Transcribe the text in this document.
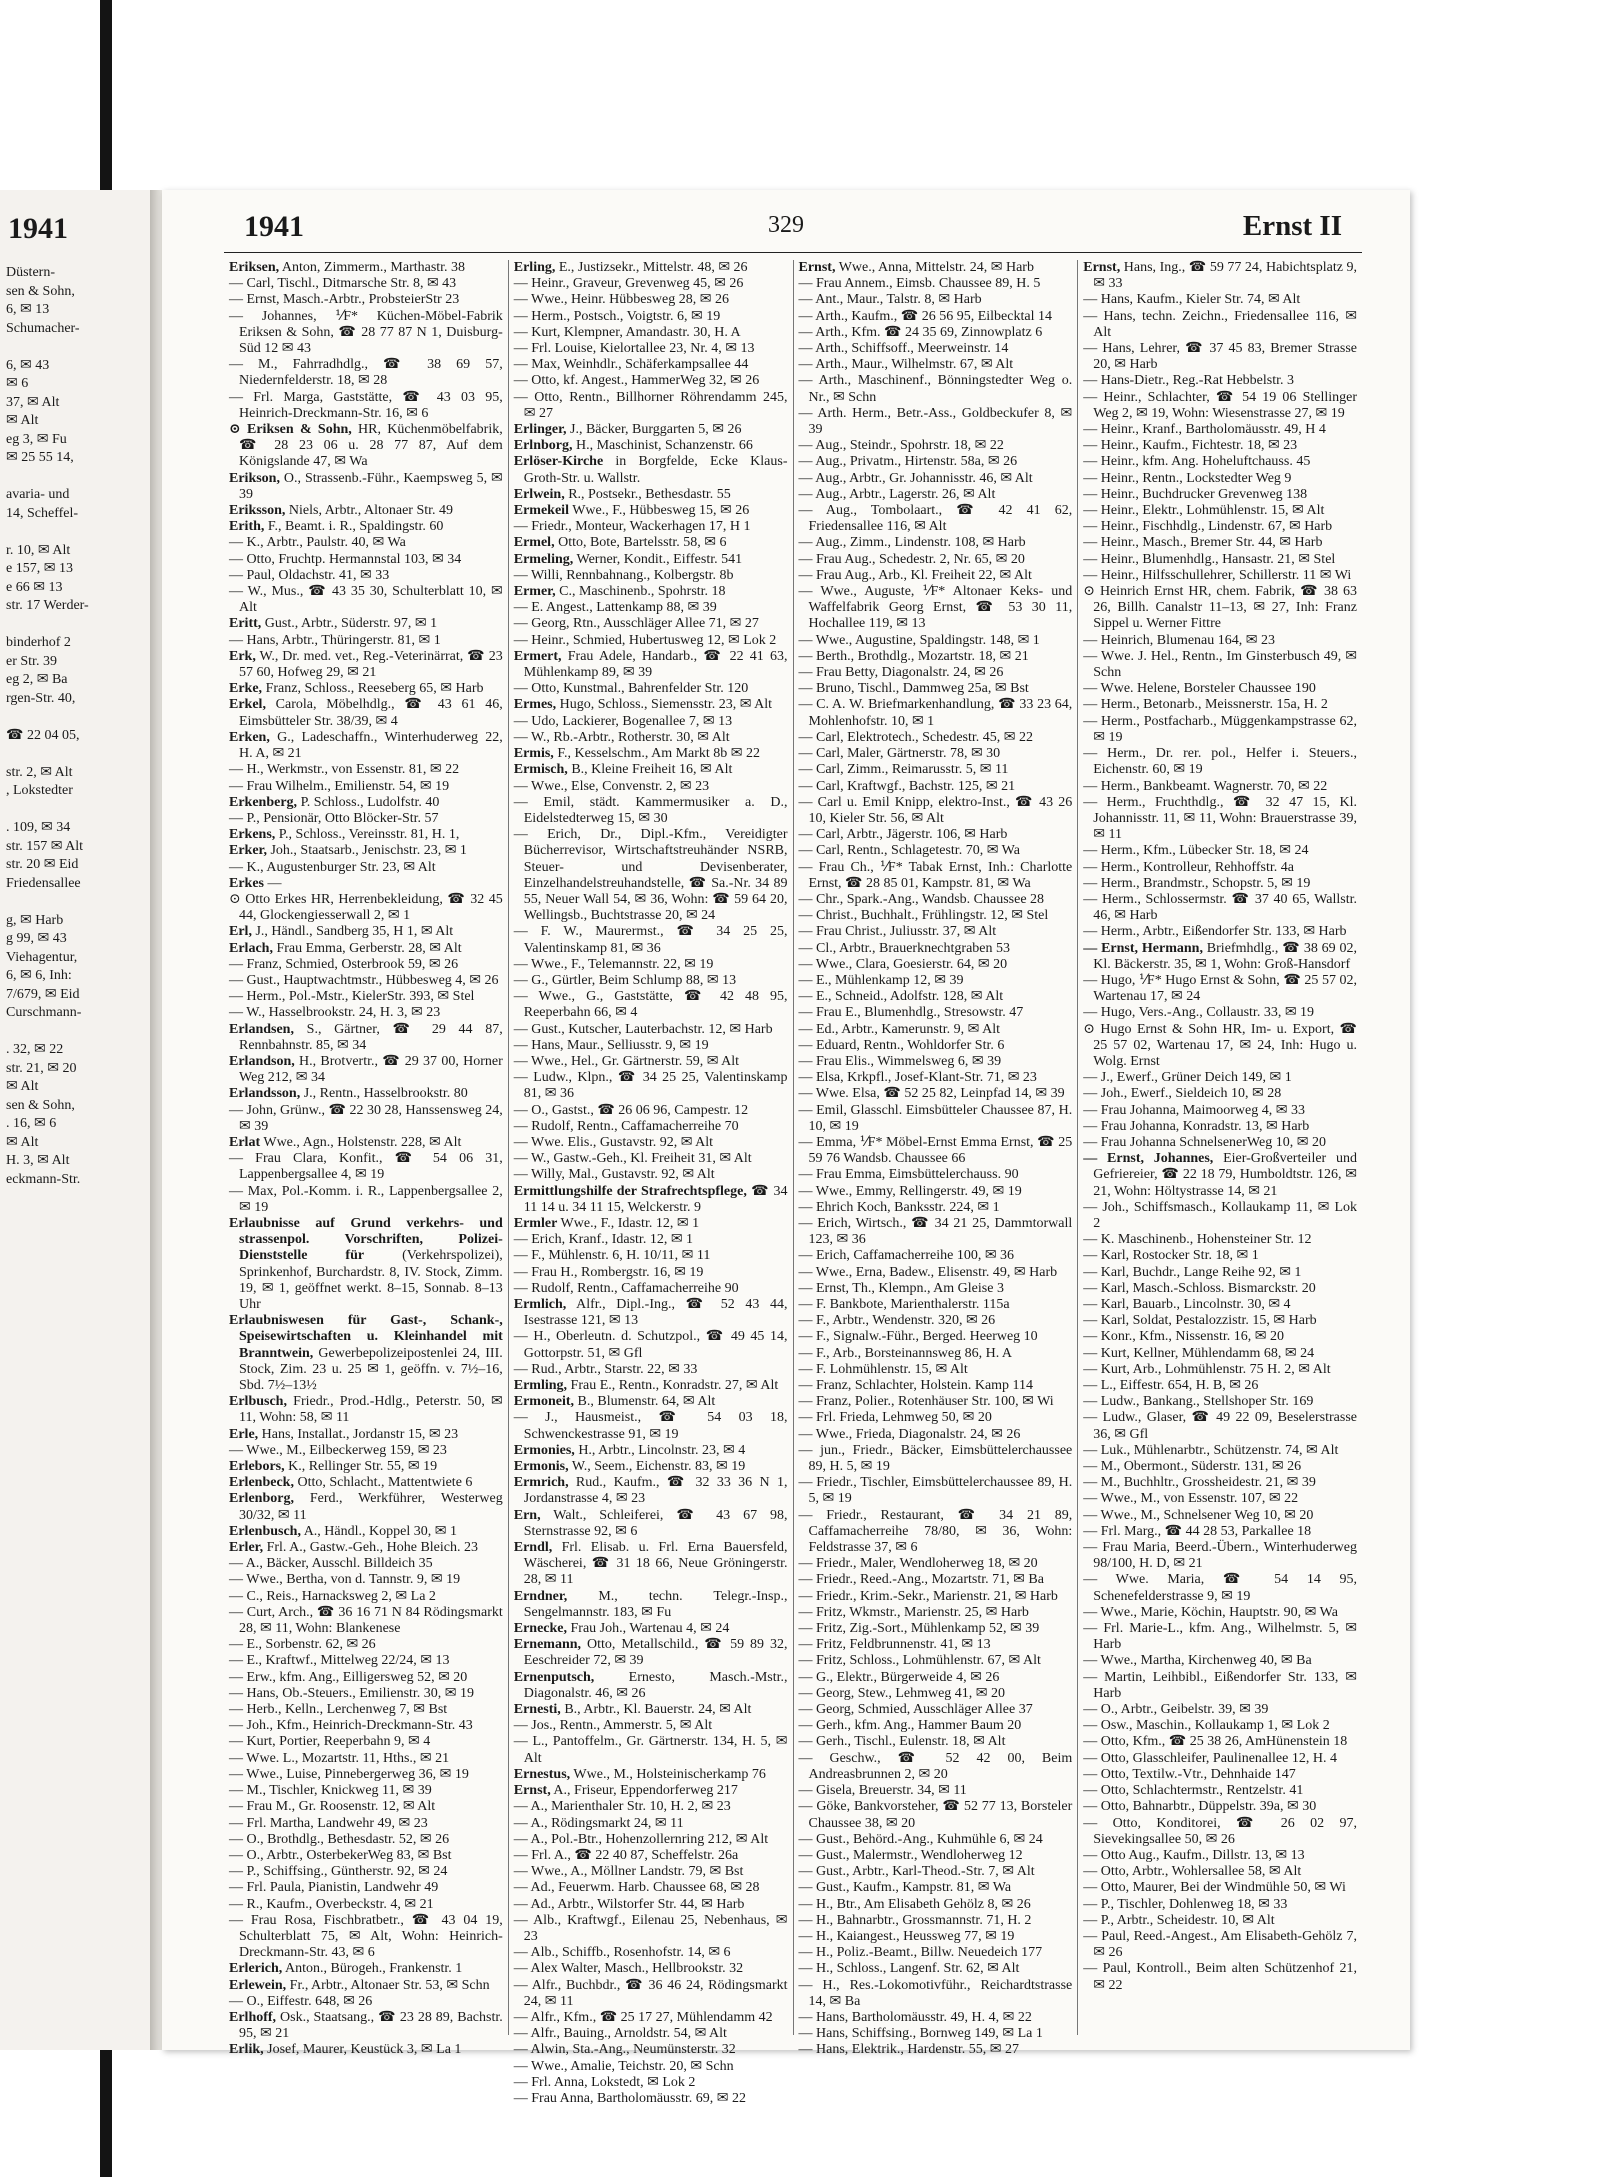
1941
Düstern-
sen & Sohn,
6, ✉ 13
Schumacher-

6, ✉ 43
✉ 6
37, ✉ Alt
✉ Alt
eg 3, ✉ Fu
✉ 25 55 14,

avaria- und
14, Scheffel-

r. 10, ✉ Alt
e 157, ✉ 13
e 66 ✉ 13
str. 17 Werder-

binderhof 2
er Str. 39
eg 2, ✉ Ba
rgen-Str. 40,

☎ 22 04 05,

str. 2, ✉ Alt
, Lokstedter

. 109, ✉ 34
str. 157 ✉ Alt
str. 20 ✉ Eid
Friedensallee

g, ✉ Harb
g 99, ✉ 43
Viehagentur,
6, ✉ 6, Inh:
7/679, ✉ Eid
Curschmann-

. 32, ✉ 22
str. 21, ✉ 20
✉ Alt
sen & Sohn,
. 16, ✉ 6
✉ Alt
H. 3, ✉ Alt
eckmann-Str.
1941	329	Ernst II

Eriksen, Anton, Zimmerm., Marthastr. 38

— Carl, Tischl., Ditmarsche Str. 8, ✉ 43

— Ernst, Masch.-Arbtr., ProbsteierStr 23

— Johannes, ⅟F* Küchen-Möbel-Fabrik Eriksen & Sohn, ☎ 28 77 87 N 1, Duisburg-Süd 12 ✉ 43

— M., Fahrradhdlg., ☎ 38 69 57, Niedernfelderstr. 18, ✉ 28

— Frl. Marga, Gaststätte, ☎ 43 03 95, Heinrich-Dreckmann-Str. 16, ✉ 6

⊙ Eriksen & Sohn, HR, Küchenmöbelfabrik, ☎ 28 23 06 u. 28 77 87, Auf dem Königslande 47, ✉ Wa

Erikson, O., Strassenb.-Führ., Kaempsweg 5, ✉ 39

Eriksson, Niels, Arbtr., Altonaer Str. 49

Erith, F., Beamt. i. R., Spaldingstr. 60

— K., Arbtr., Paulstr. 40, ✉ Wa

— Otto, Fruchtp. Hermannstal 103, ✉ 34

— Paul, Oldachstr. 41, ✉ 33

— W., Mus., ☎ 43 35 30, Schulterblatt 10, ✉ Alt

Eritt, Gust., Arbtr., Süderstr. 97, ✉ 1

— Hans, Arbtr., Thüringerstr. 81, ✉ 1

Erk, W., Dr. med. vet., Reg.-Veterinärrat, ☎ 23 57 60, Hofweg 29, ✉ 21

Erke, Franz, Schloss., Reeseberg 65, ✉ Harb

Erkel, Carola, Möbelhdlg., ☎ 43 61 46, Eimsbütteler Str. 38/39, ✉ 4

Erken, G., Ladeschaffn., Winterhuderweg 22, H. A, ✉ 21

— H., Werkmstr., von Essenstr. 81, ✉ 22

— Frau Wilhelm., Emilienstr. 54, ✉ 19

Erkenberg, P. Schloss., Ludolfstr. 40

— P., Pensionär, Otto Blöcker-Str. 57

Erkens, P., Schloss., Vereinsstr. 81, H. 1,

Erker, Joh., Staatsarb., Jenischstr. 23, ✉ 1

— K., Augustenburger Str. 23, ✉ Alt

Erkes —

⊙ Otto Erkes HR, Herrenbekleidung, ☎ 32 45 44, Glockengiesserwall 2, ✉ 1

Erl, J., Händl., Sandberg 35, H 1, ✉ Alt

Erlach, Frau Emma, Gerberstr. 28, ✉ Alt

— Franz, Schmied, Osterbrook 59, ✉ 26

— Gust., Hauptwachtmstr., Hübbesweg 4, ✉ 26

— Herm., Pol.-Mstr., KielerStr. 393, ✉ Stel

— W., Hasselbrookstr. 24, H. 3, ✉ 23

Erlandsen, S., Gärtner, ☎ 29 44 87, Rennbahnstr. 85, ✉ 34

Erlandson, H., Brotvertr., ☎ 29 37 00, Horner Weg 212, ✉ 34

Erlandsson, J., Rentn., Hasselbrookstr. 80

— John, Grünw., ☎ 22 30 28, Hanssensweg 24, ✉ 39

Erlat Wwe., Agn., Holstenstr. 228, ✉ Alt

— Frau Clara, Konfit., ☎ 54 06 31, Lappenbergsallee 4, ✉ 19

— Max, Pol.-Komm. i. R., Lappenbergsallee 2, ✉ 19

Erlaubnisse auf Grund verkehrs- und strassenpol. Vorschriften, Polizei-Dienststelle für (Verkehrspolizei), Sprinkenhof, Burchardstr. 8, IV. Stock, Zimm. 19, ✉ 1, geöffnet werkt. 8–15, Sonnab. 8–13 Uhr

Erlaubniswesen für Gast-, Schank-, Speisewirtschaften u. Kleinhandel mit Branntwein, Gewerbepolizeipostenlei 24, III. Stock, Zim. 23 u. 25 ✉ 1, geöffn. v. 7½–16, Sbd. 7½–13½

Erlbusch, Friedr., Prod.-Hdlg., Peterstr. 50, ✉ 11, Wohn: 58, ✉ 11

Erle, Hans, Installat., Jordanstr 15, ✉ 23

— Wwe., M., Eilbeckerweg 159, ✉ 23

Erlebors, K., Rellinger Str. 55, ✉ 19

Erlenbeck, Otto, Schlacht., Mattentwiete 6

Erlenborg, Ferd., Werkführer, Westerweg 30/32, ✉ 11

Erlenbusch, A., Händl., Koppel 30, ✉ 1

Erler, Frl. A., Gastw.-Geh., Hohe Bleich. 23

— A., Bäcker, Ausschl. Billdeich 35

— Wwe., Bertha, von d. Tannstr. 9, ✉ 19

— C., Reis., Harnacksweg 2, ✉ La 2

— Curt, Arch., ☎ 36 16 71 N 84 Rödingsmarkt 28, ✉ 11, Wohn: Blankenese

— E., Sorbenstr. 62, ✉ 26

— E., Kraftwf., Mittelweg 22/24, ✉ 13

— Erw., kfm. Ang., Eilligersweg 52, ✉ 20

— Hans, Ob.-Steuers., Emilienstr. 30, ✉ 19

— Herb., Kelln., Lerchenweg 7, ✉ Bst

— Joh., Kfm., Heinrich-Dreckmann-Str. 43

— Kurt, Portier, Reeperbahn 9, ✉ 4

— Wwe. L., Mozartstr. 11, Hths., ✉ 21

— Wwe., Luise, Pinnebergerweg 36, ✉ 19

— M., Tischler, Knickweg 11, ✉ 39

— Frau M., Gr. Roosenstr. 12, ✉ Alt

— Frl. Martha, Landwehr 49, ✉ 23

— O., Brothdlg., Bethesdastr. 52, ✉ 26

— O., Arbtr., OsterbekerWeg 83, ✉ Bst

— P., Schiffsing., Güntherstr. 92, ✉ 24

— Frl. Paula, Pianistin, Landwehr 49

— R., Kaufm., Overbeckstr. 4, ✉ 21

— Frau Rosa, Fischbratbetr., ☎ 43 04 19, Schulterblatt 75, ✉ Alt, Wohn: Heinrich-Dreckmann-Str. 43, ✉ 6

Erlerich, Anton., Bürogeh., Frankenstr. 1

Erlewein, Fr., Arbtr., Altonaer Str. 53, ✉ Schn

— O., Eiffestr. 648, ✉ 26

Erlhoff, Osk., Staatsang., ☎ 23 28 89, Bachstr. 95, ✉ 21

Erlik, Josef, Maurer, Keustück 3, ✉ La 1

Erling, E., Justizsekr., Mittelstr. 48, ✉ 26

— Heinr., Graveur, Grevenweg 45, ✉ 26

— Wwe., Heinr. Hübbesweg 28, ✉ 26

— Herm., Postsch., Voigtstr. 6, ✉ 19

— Kurt, Klempner, Amandastr. 30, H. A

— Frl. Louise, Kielortallee 23, Nr. 4, ✉ 13

— Max, Weinhdlr., Schäferkampsallee 44

— Otto, kf. Angest., HammerWeg 32, ✉ 26

— Otto, Rentn., Billhorner Röhrendamm 245, ✉ 27

Erlinger, J., Bäcker, Burggarten 5, ✉ 26

Erlnborg, H., Maschinist, Schanzenstr. 66

Erlöser-Kirche in Borgfelde, Ecke Klaus-Groth-Str. u. Wallstr.

Erlwein, R., Postsekr., Bethesdastr. 55

Ermekeil Wwe., F., Hübbesweg 15, ✉ 26

— Friedr., Monteur, Wackerhagen 17, H 1

Ermel, Otto, Bote, Bartelsstr. 58, ✉ 6

Ermeling, Werner, Kondit., Eiffestr. 541

— Willi, Rennbahnang., Kolbergstr. 8b

Ermer, C., Maschinenb., Spohrstr. 18

— E. Angest., Lattenkamp 88, ✉ 39

— Georg, Rtn., Ausschläger Allee 71, ✉ 27

— Heinr., Schmied, Hubertusweg 12, ✉ Lok 2

Ermert, Frau Adele, Handarb., ☎ 22 41 63, Mühlenkamp 89, ✉ 39

— Otto, Kunstmal., Bahrenfelder Str. 120

Ermes, Hugo, Schloss., Siemensstr. 23, ✉ Alt

— Udo, Lackierer, Bogenallee 7, ✉ 13

— W., Rb.-Arbtr., Rotherstr. 30, ✉ Alt

Ermis, F., Kesselschm., Am Markt 8b ✉ 22

Ermisch, B., Kleine Freiheit 16, ✉ Alt

— Wwe., Else, Convenstr. 2, ✉ 23

— Emil, städt. Kammermusiker a. D., Eidelstedterweg 15, ✉ 30

— Erich, Dr., Dipl.-Kfm., Vereidigter Bücherrevisor, Wirtschaftstreuhänder NSRB, Steuer- und Devisenberater, Einzelhandelstreuhandstelle, ☎ Sa.-Nr. 34 89 55, Neuer Wall 54, ✉ 36, Wohn: ☎ 59 64 20, Wellingsb., Buchtstrasse 20, ✉ 24

— F. W., Maurermst., ☎ 34 25 25, Valentinskamp 81, ✉ 36

— Wwe., F., Telemannstr. 22, ✉ 19

— G., Gürtler, Beim Schlump 88, ✉ 13

— Wwe., G., Gaststätte, ☎ 42 48 95, Reeperbahn 66, ✉ 4

— Gust., Kutscher, Lauterbachstr. 12, ✉ Harb

— Hans, Maur., Selliusstr. 9, ✉ 19

— Wwe., Hel., Gr. Gärtnerstr. 59, ✉ Alt

— Ludw., Klpn., ☎ 34 25 25, Valentinskamp 81, ✉ 36

— O., Gastst., ☎ 26 06 96, Campestr. 12

— Rudolf, Rentn., Caffamacherreihe 70

— Wwe. Elis., Gustavstr. 92, ✉ Alt

— W., Gastw.-Geh., Kl. Freiheit 31, ✉ Alt

— Willy, Mal., Gustavstr. 92, ✉ Alt

Ermittlungshilfe der Strafrechtspflege, ☎ 34 11 14 u. 34 11 15, Welckerstr. 9

Ermler Wwe., F., Idastr. 12, ✉ 1

— Erich, Kranf., Idastr. 12, ✉ 1

— F., Mühlenstr. 6, H. 10/11, ✉ 11

— Frau H., Rombergstr. 16, ✉ 19

— Rudolf, Rentn., Caffamacherreihe 90

Ermlich, Alfr., Dipl.-Ing., ☎ 52 43 44, Isestrasse 121, ✉ 13

— H., Oberleutn. d. Schutzpol., ☎ 49 45 14, Gottorpstr. 51, ✉ Gfl

— Rud., Arbtr., Starstr. 22, ✉ 33

Ermling, Frau E., Rentn., Konradstr. 27, ✉ Alt

Ermoneit, B., Blumenstr. 64, ✉ Alt

— J., Hausmeist., ☎ 54 03 18, Schwenckestrasse 91, ✉ 19

Ermonies, H., Arbtr., Lincolnstr. 23, ✉ 4

Ermonis, W., Seem., Eichenstr. 83, ✉ 19

Ermrich, Rud., Kaufm., ☎ 32 33 36 N 1, Jordanstrasse 4, ✉ 23

Ern, Walt., Schleiferei, ☎ 43 67 98, Sternstrasse 92, ✉ 6

Erndl, Frl. Elisab. u. Frl. Erna Bauersfeld, Wäscherei, ☎ 31 18 66, Neue Gröningerstr. 28, ✉ 11

Erndner, M., techn. Telegr.-Insp., Sengelmannstr. 183, ✉ Fu

Ernecke, Frau Joh., Wartenau 4, ✉ 24

Ernemann, Otto, Metallschild., ☎ 59 89 32, Eeschreider 72, ✉ 39

Ernenputsch, Ernesto, Masch.-Mstr., Diagonalstr. 46, ✉ 26

Ernesti, B., Arbtr., Kl. Bauerstr. 24, ✉ Alt

— Jos., Rentn., Ammerstr. 5, ✉ Alt

— L., Pantoffelm., Gr. Gärtnerstr. 134, H. 5, ✉ Alt

Ernestus, Wwe., M., Holsteinischerkamp 76

Ernst, A., Friseur, Eppendorferweg 217

— A., Marienthaler Str. 10, H. 2, ✉ 23

— A., Rödingsmarkt 24, ✉ 11

— A., Pol.-Btr., Hohenzollernring 212, ✉ Alt

— Frl. A., ☎ 22 40 87, Scheffelstr. 26a

— Wwe., A., Möllner Landstr. 79, ✉ Bst

— Ad., Feuerwm. Harb. Chaussee 68, ✉ 28

— Ad., Arbtr., Wilstorfer Str. 44, ✉ Harb

— Alb., Kraftwgf., Eilenau 25, Nebenhaus, ✉ 23

— Alb., Schiffb., Rosenhofstr. 14, ✉ 6

— Alex Walter, Masch., Hellbrookstr. 32

— Alfr., Buchbdr., ☎ 36 46 24, Rödingsmarkt 24, ✉ 11

— Alfr., Kfm., ☎ 25 17 27, Mühlendamm 42

— Alfr., Bauing., Arnoldstr. 54, ✉ Alt

— Alwin, Sta.-Ang., Neumünsterstr. 32

— Wwe., Amalie, Teichstr. 20, ✉ Schn

— Frl. Anna, Lokstedt, ✉ Lok 2

— Frau Anna, Bartholomäusstr. 69, ✉ 22

Ernst, Wwe., Anna, Mittelstr. 24, ✉ Harb

— Frau Annem., Eimsb. Chaussee 89, H. 5

— Ant., Maur., Talstr. 8, ✉ Harb

— Arth., Kaufm., ☎ 26 56 95, Eilbecktal 14

— Arth., Kfm. ☎ 24 35 69, Zinnowplatz 6

— Arth., Schiffsoff., Meerweinstr. 14

— Arth., Maur., Wilhelmstr. 67, ✉ Alt

— Arth., Maschinenf., Bönningstedter Weg o. Nr., ✉ Schn

— Arth. Herm., Betr.-Ass., Goldbeckufer 8, ✉ 39

— Aug., Steindr., Spohrstr. 18, ✉ 22

— Aug., Privatm., Hirtenstr. 58a, ✉ 26

— Aug., Arbtr., Gr. Johannisstr. 46, ✉ Alt

— Aug., Arbtr., Lagerstr. 26, ✉ Alt

— Aug., Tombolaart., ☎ 42 41 62, Friedensallee 116, ✉ Alt

— Aug., Zimm., Lindenstr. 108, ✉ Harb

— Frau Aug., Schedestr. 2, Nr. 65, ✉ 20

— Frau Aug., Arb., Kl. Freiheit 22, ✉ Alt

— Wwe., Auguste, ⅟F* Altonaer Keks- und Waffelfabrik Georg Ernst, ☎ 53 30 11, Hochallee 119, ✉ 13

— Wwe., Augustine, Spaldingstr. 148, ✉ 1

— Berth., Brothdlg., Mozartstr. 18, ✉ 21

— Frau Betty, Diagonalstr. 24, ✉ 26

— Bruno, Tischl., Dammweg 25a, ✉ Bst

— C. A. W. Briefmarkenhandlung, ☎ 33 23 64, Mohlenhofstr. 10, ✉ 1

— Carl, Elektrotech., Schedestr. 45, ✉ 22

— Carl, Maler, Gärtnerstr. 78, ✉ 30

— Carl, Zimm., Reimarusstr. 5, ✉ 11

— Carl, Kraftwgf., Bachstr. 125, ✉ 21

— Carl u. Emil Knipp, elektro-Inst., ☎ 43 26 10, Kieler Str. 56, ✉ Alt

— Carl, Arbtr., Jägerstr. 106, ✉ Harb

— Carl, Rentn., Schlagetestr. 70, ✉ Wa

— Frau Ch., ⅟F* Tabak Ernst, Inh.: Charlotte Ernst, ☎ 28 85 01, Kampstr. 81, ✉ Wa

— Chr., Spark.-Ang., Wandsb. Chaussee 28

— Christ., Buchhalt., Frühlingstr. 12, ✉ Stel

— Frau Christ., Juliusstr. 37, ✉ Alt

— Cl., Arbtr., Brauerknechtgraben 53

— Wwe., Clara, Goesierstr. 64, ✉ 20

— E., Mühlenkamp 12, ✉ 39

— E., Schneid., Adolfstr. 128, ✉ Alt

— Frau E., Blumenhdlg., Stresowstr. 47

— Ed., Arbtr., Kamerunstr. 9, ✉ Alt

— Eduard, Rentn., Wohldorfer Str. 6

— Frau Elis., Wimmelsweg 6, ✉ 39

— Elsa, Krkpfl., Josef-Klant-Str. 71, ✉ 23

— Wwe. Elsa, ☎ 52 25 82, Leinpfad 14, ✉ 39

— Emil, Glasschl. Eimsbütteler Chaussee 87, H. 10, ✉ 19

— Emma, ⅟F* Möbel-Ernst Emma Ernst, ☎ 25 59 76 Wandsb. Chaussee 66

— Frau Emma, Eimsbüttelerchauss. 90

— Wwe., Emmy, Rellingerstr. 49, ✉ 19

— Ehrich Koch, Banksstr. 224, ✉ 1

— Erich, Wirtsch., ☎ 34 21 25, Dammtorwall 123, ✉ 36

— Erich, Caffamacherreihe 100, ✉ 36

— Wwe., Erna, Badew., Elisenstr. 49, ✉ Harb

— Ernst, Th., Klempn., Am Gleise 3

— F. Bankbote, Marienthalerstr. 115a

— F., Arbtr., Wendenstr. 320, ✉ 26

— F., Signalw.-Führ., Berged. Heerweg 10

— F., Arb., Borsteinannsweg 86, H. A

— F. Lohmühlenstr. 15, ✉ Alt

— Franz, Schlachter, Holstein. Kamp 114

— Franz, Polier., Rotenhäuser Str. 100, ✉ Wi

— Frl. Frieda, Lehmweg 50, ✉ 20

— Wwe., Frieda, Diagonalstr. 24, ✉ 26

— jun., Friedr., Bäcker, Eimsbüttelerchaussee 89, H. 5, ✉ 19

— Friedr., Tischler, Eimsbüttelerchaussee 89, H. 5, ✉ 19

— Friedr., Restaurant, ☎ 34 21 89, Caffamacherreihe 78/80, ✉ 36, Wohn: Feldstrasse 37, ✉ 6

— Friedr., Maler, Wendloherweg 18, ✉ 20

— Friedr., Reed.-Ang., Mozartstr. 71, ✉ Ba

— Friedr., Krim.-Sekr., Marienstr. 21, ✉ Harb

— Fritz, Wkmstr., Marienstr. 25, ✉ Harb

— Fritz, Zig.-Sort., Mühlenkamp 52, ✉ 39

— Fritz, Feldbrunnenstr. 41, ✉ 13

— Fritz, Schloss., Lohmühlenstr. 67, ✉ Alt

— G., Elektr., Bürgerweide 4, ✉ 26

— Georg, Stew., Lehmweg 41, ✉ 20

— Georg, Schmied, Ausschläger Allee 37

— Gerh., kfm. Ang., Hammer Baum 20

— Gerh., Tischl., Eulenstr. 18, ✉ Alt

— Geschw., ☎ 52 42 00, Beim Andreasbrunnen 2, ✉ 20

— Gisela, Breuerstr. 34, ✉ 11

— Göke, Bankvorsteher, ☎ 52 77 13, Borsteler Chaussee 38, ✉ 20

— Gust., Behörd.-Ang., Kuhmühle 6, ✉ 24

— Gust., Malermstr., Wendloherweg 12

— Gust., Arbtr., Karl-Theod.-Str. 7, ✉ Alt

— Gust., Kaufm., Kampstr. 81, ✉ Wa

— H., Btr., Am Elisabeth Gehölz 8, ✉ 26

— H., Bahnarbtr., Grossmannstr. 71, H. 2

— H., Kaiangest., Heussweg 77, ✉ 19

— H., Poliz.-Beamt., Billw. Neuedeich 177

— H., Schloss., Langenf. Str. 62, ✉ Alt

— H., Res.-Lokomotivführ., Reichardtstrasse 14, ✉ Ba

— Hans, Bartholomäusstr. 49, H. 4, ✉ 22

— Hans, Schiffsing., Bornweg 149, ✉ La 1

— Hans, Elektrik., Hardenstr. 55, ✉ 27

Ernst, Hans, Ing., ☎ 59 77 24, Habichtsplatz 9, ✉ 33

— Hans, Kaufm., Kieler Str. 74, ✉ Alt

— Hans, techn. Zeichn., Friedensallee 116, ✉ Alt

— Hans, Lehrer, ☎ 37 45 83, Bremer Strasse 20, ✉ Harb

— Hans-Dietr., Reg.-Rat Hebbelstr. 3

— Heinr., Schlachter, ☎ 54 19 06 Stellinger Weg 2, ✉ 19, Wohn: Wiesenstrasse 27, ✉ 19

— Heinr., Kranf., Bartholomäusstr. 49, H 4

— Heinr., Kaufm., Fichtestr. 18, ✉ 23

— Heinr., kfm. Ang. Hoheluftchauss. 45

— Heinr., Rentn., Lockstedter Weg 9

— Heinr., Buchdrucker Grevenweg 138

— Heinr., Elektr., Lohmühlenstr. 15, ✉ Alt

— Heinr., Fischhdlg., Lindenstr. 67, ✉ Harb

— Heinr., Masch., Bremer Str. 44, ✉ Harb

— Heinr., Blumenhdlg., Hansastr. 21, ✉ Stel

— Heinr., Hilfsschullehrer, Schillerstr. 11 ✉ Wi

⊙ Heinrich Ernst HR, chem. Fabrik, ☎ 38 63 26, Billh. Canalstr 11–13, ✉ 27, Inh: Franz Sippel u. Werner Fittre

— Heinrich, Blumenau 164, ✉ 23

— Wwe. J. Hel., Rentn., Im Ginsterbusch 49, ✉ Schn

— Wwe. Helene, Borsteler Chaussee 190

— Herm., Betonarb., Meissnerstr. 15a, H. 2

— Herm., Postfacharb., Müggenkampstrasse 62, ✉ 19

— Herm., Dr. rer. pol., Helfer i. Steuers., Eichenstr. 60, ✉ 19

— Herm., Bankbeamt. Wagnerstr. 70, ✉ 22

— Herm., Fruchthdlg., ☎ 32 47 15, Kl. Johannisstr. 11, ✉ 11, Wohn: Brauerstrasse 39, ✉ 11

— Herm., Kfm., Lübecker Str. 18, ✉ 24

— Herm., Kontrolleur, Rehhoffstr. 4a

— Herm., Brandmstr., Schopstr. 5, ✉ 19

— Herm., Schlossermstr. ☎ 37 40 65, Wallstr. 46, ✉ Harb

— Herm., Arbtr., Eißendorfer Str. 133, ✉ Harb

— Ernst, Hermann, Briefmhdlg., ☎ 38 69 02, Kl. Bäckerstr. 35, ✉ 1, Wohn: Groß-Hansdorf

— Hugo, ⅟F* Hugo Ernst & Sohn, ☎ 25 57 02, Wartenau 17, ✉ 24

— Hugo, Vers.-Ang., Collaustr. 33, ✉ 19

⊙ Hugo Ernst & Sohn HR, Im- u. Export, ☎ 25 57 02, Wartenau 17, ✉ 24, Inh: Hugo u. Wolg. Ernst

— J., Ewerf., Grüner Deich 149, ✉ 1

— Joh., Ewerf., Sieldeich 10, ✉ 28

— Frau Johanna, Maimoorweg 4, ✉ 33

— Frau Johanna, Konradstr. 13, ✉ Harb

— Frau Johanna SchnelsenerWeg 10, ✉ 20

— Ernst, Johannes, Eier-Großverteiler und Gefriereier, ☎ 22 18 79, Humboldtstr. 126, ✉ 21, Wohn: Höltystrasse 14, ✉ 21

— Joh., Schiffsmasch., Kollaukamp 11, ✉ Lok 2

— K. Maschinenb., Hohensteiner Str. 12

— Karl, Rostocker Str. 18, ✉ 1

— Karl, Buchdr., Lange Reihe 92, ✉ 1

— Karl, Masch.-Schloss. Bismarckstr. 20

— Karl, Bauarb., Lincolnstr. 30, ✉ 4

— Karl, Soldat, Pestalozzistr. 15, ✉ Harb

— Konr., Kfm., Nissenstr. 16, ✉ 20

— Kurt, Kellner, Mühlendamm 68, ✉ 24

— Kurt, Arb., Lohmühlenstr. 75 H. 2, ✉ Alt

— L., Eiffestr. 654, H. B, ✉ 26

— Ludw., Bankang., Stellshoper Str. 169

— Ludw., Glaser, ☎ 49 22 09, Beselerstrasse 36, ✉ Gfl

— Luk., Mühlenarbtr., Schützenstr. 74, ✉ Alt

— M., Obermont., Süderstr. 131, ✉ 26

— M., Buchhltr., Grossheidestr. 21, ✉ 39

— Wwe., M., von Essenstr. 107, ✉ 22

— Wwe., M., Schnelsener Weg 10, ✉ 20

— Frl. Marg., ☎ 44 28 53, Parkallee 18

— Frau Maria, Beerd.-Übern., Winterhuderweg 98/100, H. D, ✉ 21

— Wwe. Maria, ☎ 54 14 95, Schenefelderstrasse 9, ✉ 19

— Wwe., Marie, Köchin, Hauptstr. 90, ✉ Wa

— Frl. Marie-L., kfm. Ang., Wilhelmstr. 5, ✉ Harb

— Wwe., Martha, Kirchenweg 40, ✉ Ba

— Martin, Leihbibl., Eißendorfer Str. 133, ✉ Harb

— O., Arbtr., Geibelstr. 39, ✉ 39

— Osw., Maschin., Kollaukamp 1, ✉ Lok 2

— Otto, Kfm., ☎ 25 38 26, AmHünenstein 18

— Otto, Glasschleifer, Paulinenallee 12, H. 4

— Otto, Textilw.-Vtr., Dehnhaide 147

— Otto, Schlachtermstr., Rentzelstr. 41

— Otto, Bahnarbtr., Düppelstr. 39a, ✉ 30

— Otto, Konditorei, ☎ 26 02 97, Sievekingsallee 50, ✉ 26

— Otto Aug., Kaufm., Dillstr. 13, ✉ 13

— Otto, Arbtr., Wohlersallee 58, ✉ Alt

— Otto, Maurer, Bei der Windmühle 50, ✉ Wi

— P., Tischler, Dohlenweg 18, ✉ 33

— P., Arbtr., Scheidestr. 10, ✉ Alt

— Paul, Reed.-Angest., Am Elisabeth-Gehölz 7, ✉ 26

— Paul, Kontroll., Beim alten Schützenhof 21, ✉ 22
